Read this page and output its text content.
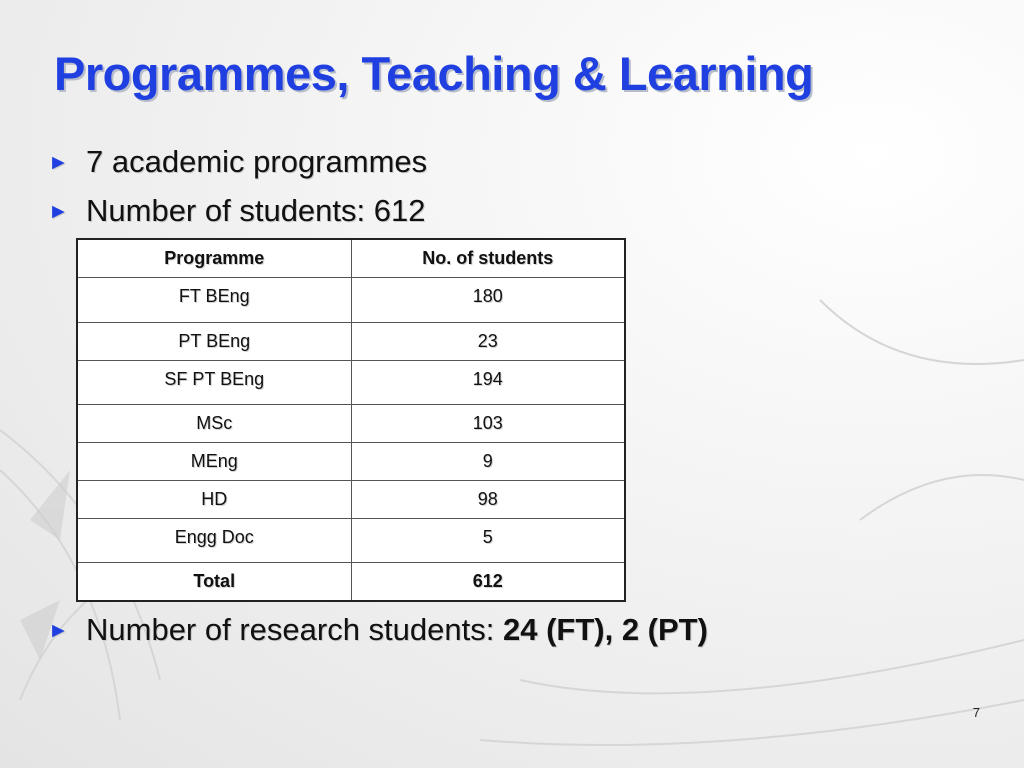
Programmes, Teaching & Learning
► 7 academic programmes
► Number of students: 612
Programme	No. of students
FT BEng	180
PT BEng	23
SF PT BEng	194
MSc	103
MEng	9
HD	98
Engg Doc	5
Total	612
► Number of research students: 24 (FT), 2 (PT)
7
